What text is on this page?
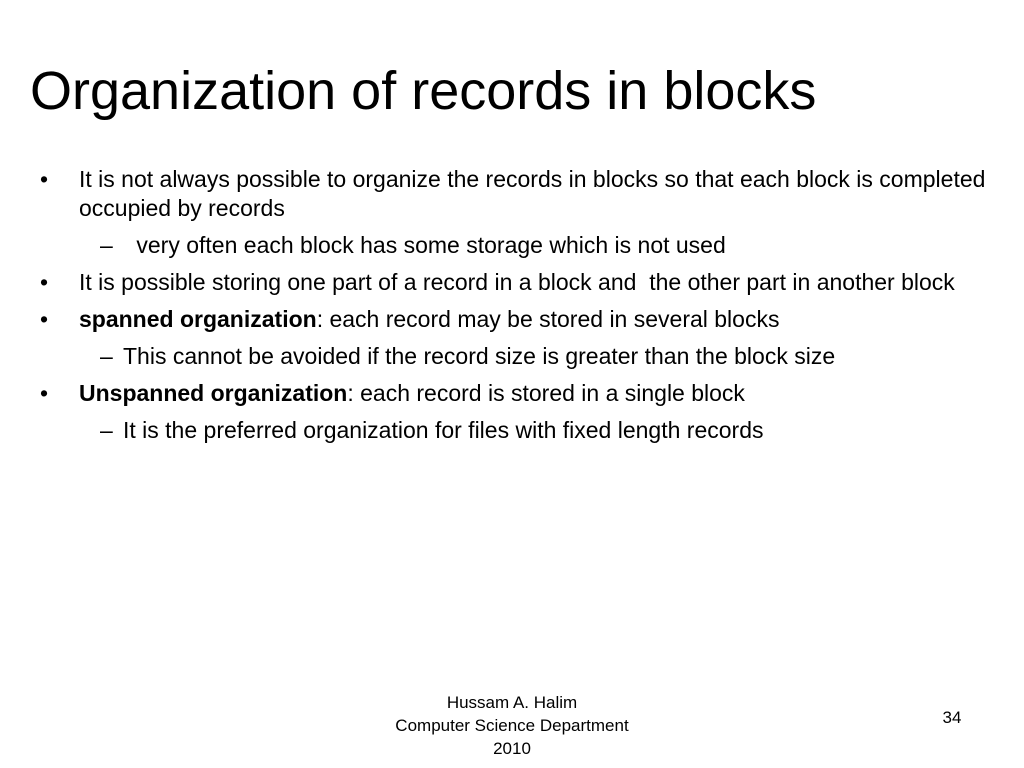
Organization of records in blocks
• It is not always possible to organize the records in blocks so that each block is completed occupied by records
– very often each block has some storage which is not used
• It is possible storing one part of a record in a block and  the other part in another block
• spanned organization: each record may be stored in several blocks
– This cannot be avoided if the record size is greater than the block size
• Unspanned organization: each record is stored in a single block
– It is the preferred organization for files with fixed length records
Hussam A. Halim
Computer Science Department
2010
34
